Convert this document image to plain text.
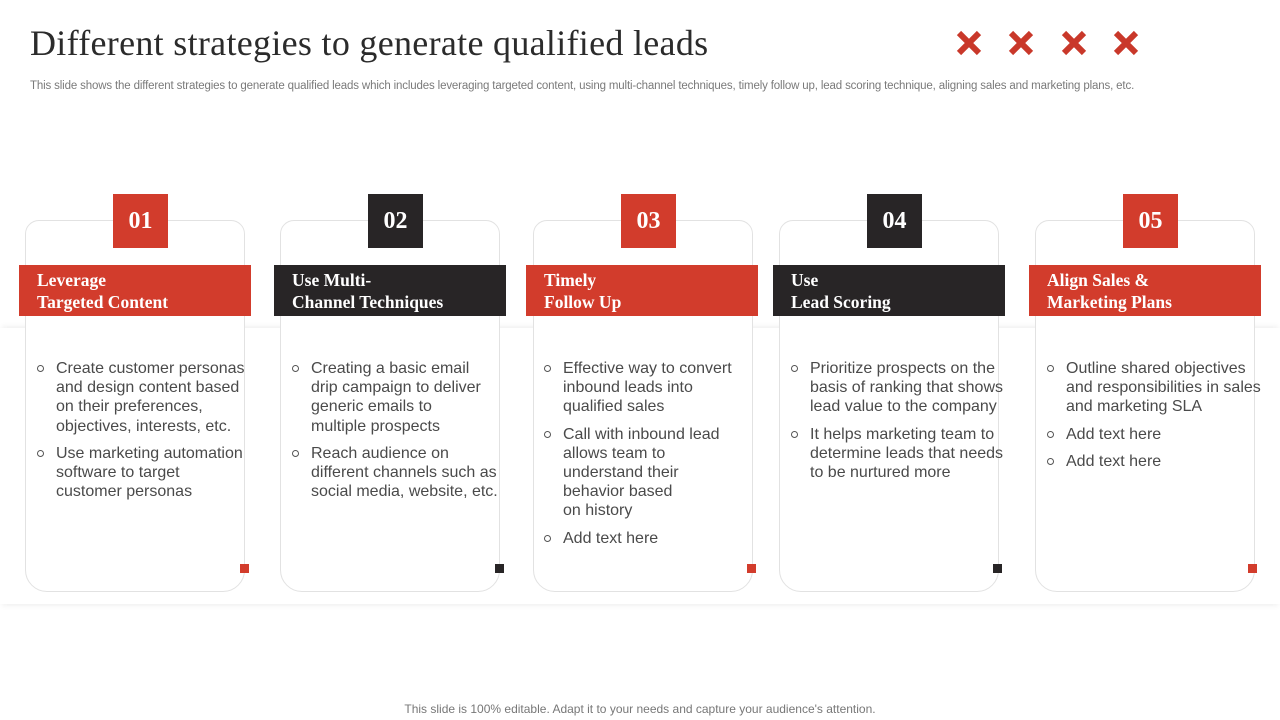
Different strategies to generate qualified leads
This slide shows the different strategies to generate qualified leads which includes leveraging targeted content, using multi-channel techniques, timely follow up, lead scoring technique, aligning sales and marketing plans, etc.
01
Leverage
Targeted Content
Create customer personas
and design content based
on their preferences,
objectives, interests, etc.
Use marketing automation
software to target
customer personas
02
Use Multi-
Channel Techniques
Creating a basic email
drip campaign to deliver
generic emails to
multiple prospects
Reach audience on
different channels such as
social media, website, etc.
03
Timely
Follow Up
Effective way to convert
inbound leads into
qualified sales
Call with inbound lead
allows team to
understand their
behavior based
on history
Add text here
04
Use
Lead Scoring
Prioritize prospects on the
basis of ranking that shows
lead value to the company
It helps marketing team to
determine leads that needs
to be nurtured more
05
Align Sales &
Marketing Plans
Outline shared objectives
and responsibilities in sales
and marketing SLA
Add text here
Add text here
This slide is 100% editable. Adapt it to your needs and capture your audience's attention.
